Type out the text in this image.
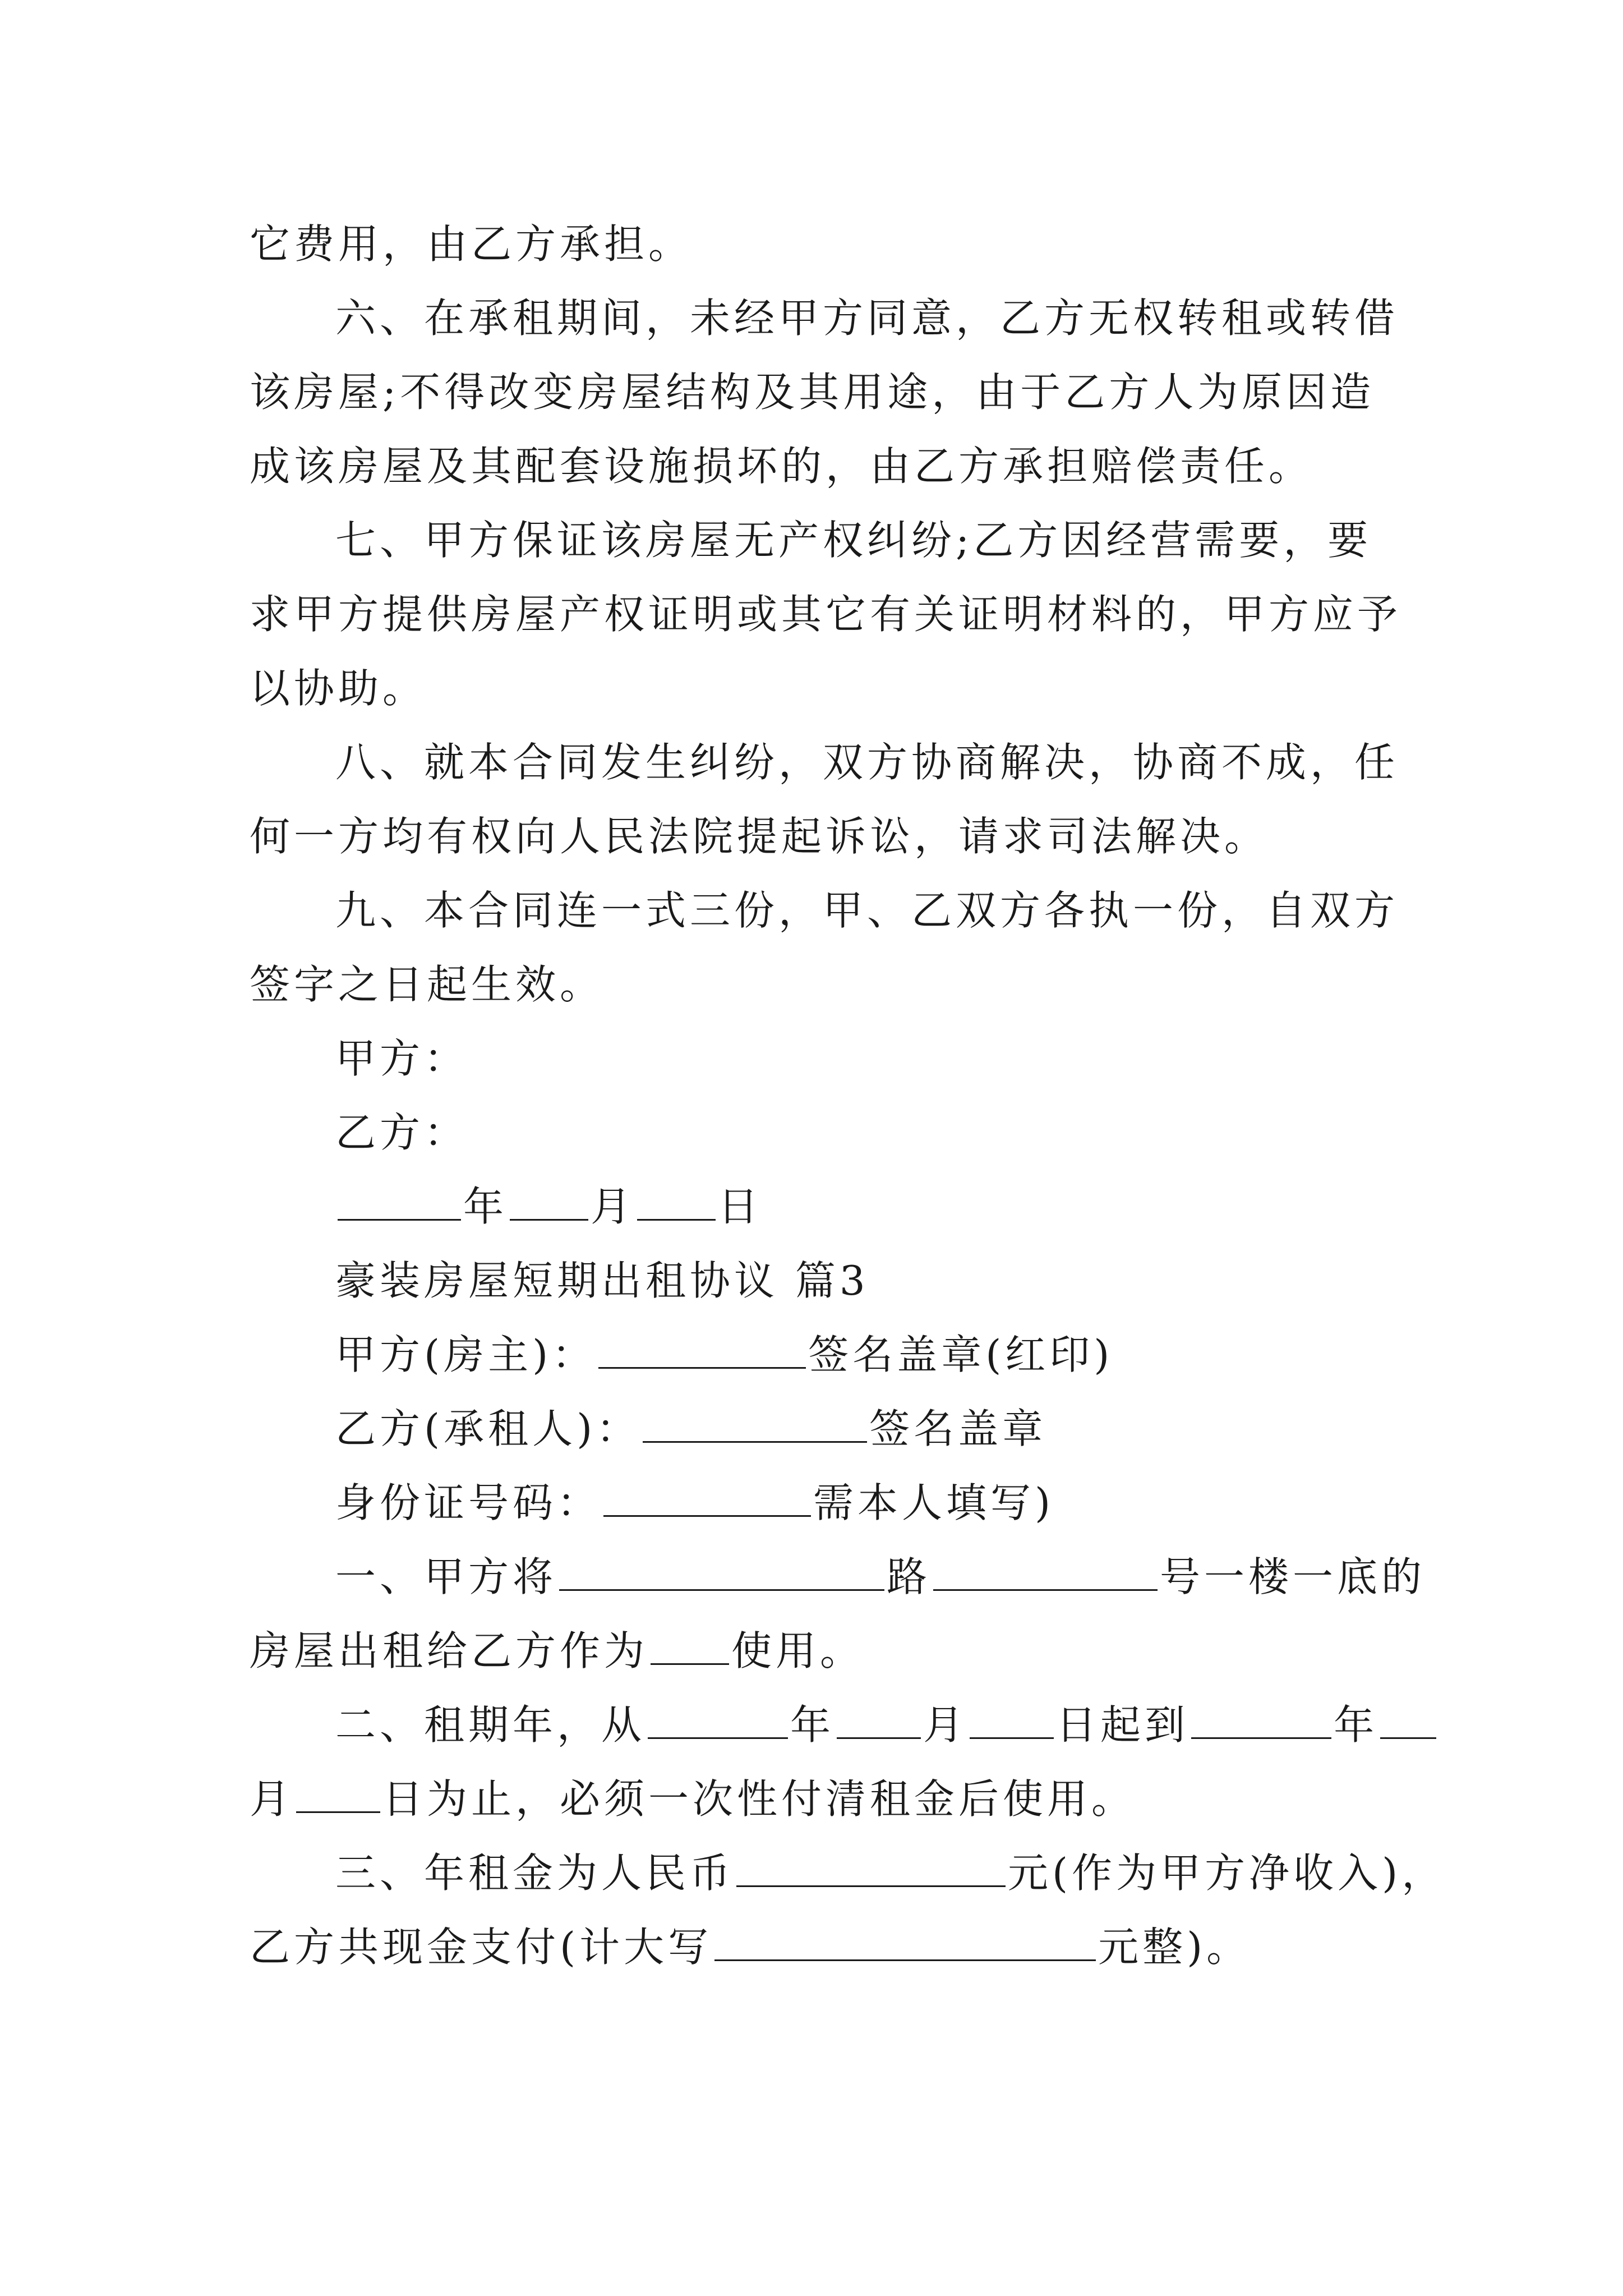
它费用，由乙方承担。
六、在承租期间，未经甲方同意，乙方无权转租或转借
该房屋;不得改变房屋结构及其用途，由于乙方人为原因造
成该房屋及其配套设施损坏的，由乙方承担赔偿责任。
七、甲方保证该房屋无产权纠纷;乙方因经营需要，要
求甲方提供房屋产权证明或其它有关证明材料的，甲方应予
以协助。
八、就本合同发生纠纷，双方协商解决，协商不成，任
何一方均有权向人民法院提起诉讼，请求司法解决。
九、本合同连一式三份，甲、乙双方各执一份，自双方
签字之日起生效。
甲方：
乙方：
年 月 日
豪装房屋短期出租协议 篇3
甲方(房主)：	签名盖章(红印)
乙方(承租人)：	签名盖章
身份证号码：	需本人填写)
一、甲方将	路	号一楼一底的
房屋出租给乙方作为 使用。
二、租期年，从	年 月 日起到	年
月 日为止，必须一次性付清租金后使用。
三、年租金为人民币	元(作为甲方净收入)，
乙方共现金支付(计大写	元整)。
